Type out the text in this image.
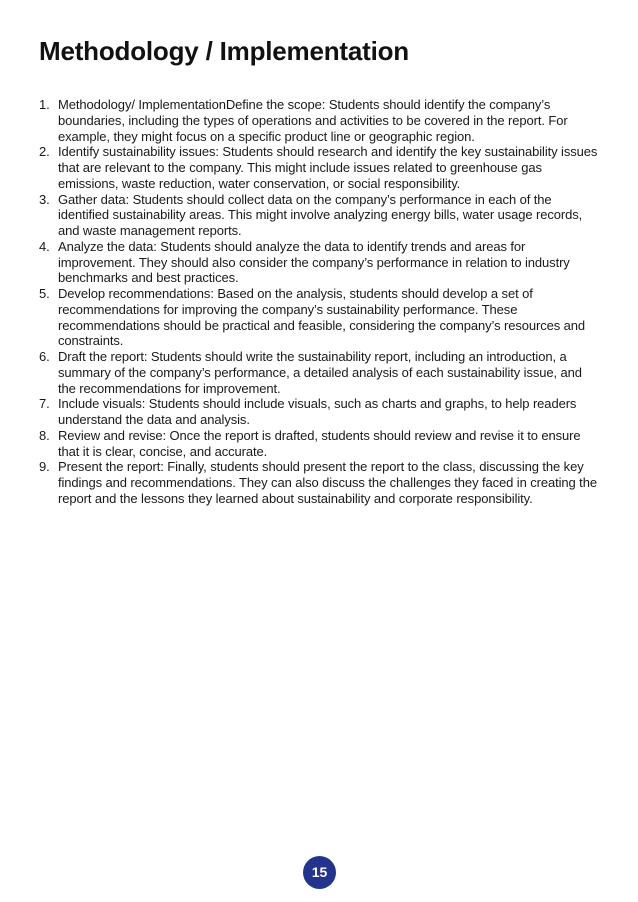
Methodology / Implementation
1. Methodology/ ImplementationDefine the scope: Students should identify the company’s boundaries, including the types of operations and activities to be covered in the report. For example, they might focus on a specific product line or geographic region.
2. Identify sustainability issues: Students should research and identify the key sustainability issues that are relevant to the company. This might include issues related to greenhouse gas emissions, waste reduction, water conservation, or social responsibility.
3. Gather data: Students should collect data on the company’s performance in each of the identified sustainability areas. This might involve analyzing energy bills, water usage records, and waste management reports.
4. Analyze the data: Students should analyze the data to identify trends and areas for improvement. They should also consider the company’s performance in relation to industry benchmarks and best practices.
5. Develop recommendations: Based on the analysis, students should develop a set of recommendations for improving the company’s sustainability performance. These recommendations should be practical and feasible, considering the company’s resources and constraints.
6. Draft the report: Students should write the sustainability report, including an introduction, a summary of the company’s performance, a detailed analysis of each sustainability issue, and the recommendations for improvement.
7. Include visuals: Students should include visuals, such as charts and graphs, to help readers understand the data and analysis.
8. Review and revise: Once the report is drafted, students should review and revise it to ensure that it is clear, concise, and accurate.
9. Present the report: Finally, students should present the report to the class, discussing the key findings and recommendations. They can also discuss the challenges they faced in creating the report and the lessons they learned about sustainability and corporate responsibility.
15
